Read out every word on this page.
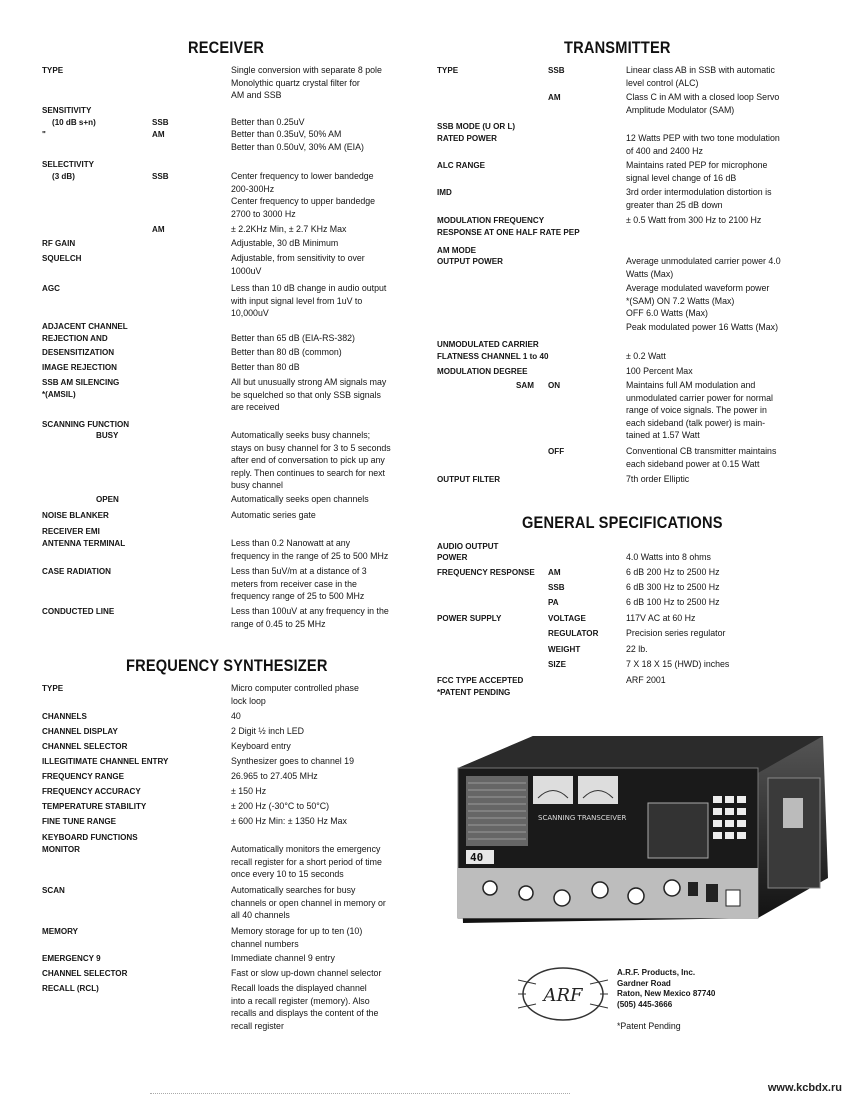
RECEIVER	TRANSMITTER
GENERAL SPECIFICATIONS
FREQUENCY SYNTHESIZER
TYPE	Single conversion with separate 8 pole
Monolythic quartz crystal filter for
AM and SSB
SENSITIVITY
(10 dB s+n)	SSB	Better than 0.25uV
"	AM	Better than 0.35uV, 50% AM
Better than 0.50uV, 30% AM (EIA)
SELECTIVITY
(3 dB)	SSB	Center frequency to lower bandedge
200-300Hz
Center frequency to upper bandedge
2700 to 3000 Hz
AM	± 2.2KHz Min, ± 2.7 KHz Max
RF GAIN	Adjustable, 30 dB Minimum
SQUELCH	Adjustable, from sensitivity to over
1000uV
AGC	Less than 10 dB change in audio output
with input signal level from 1uV to
10,000uV
ADJACENT CHANNEL
REJECTION AND	Better than 65 dB (EIA-RS-382)
DESENSITIZATION	Better than 80 dB (common)
IMAGE REJECTION	Better than 80 dB
SSB AM SILENCING	All but unusually strong AM signals may
be squelched so that only SSB signals
are received
*(AMSIL)
SCANNING FUNCTION
BUSY	Automatically seeks busy channels;
stays on busy channel for 3 to 5 seconds
after end of conversation to pick up any
reply. Then continues to search for next
busy channel
OPEN	Automatically seeks open channels
NOISE BLANKER	Automatic series gate
RECEIVER EMI
ANTENNA TERMINAL	Less than 0.2 Nanowatt at any
frequency in the range of 25 to 500 MHz
CASE RADIATION	Less than 5uV/m at a distance of 3
meters from receiver case in the
frequency range of 25 to 500 MHz
CONDUCTED LINE	Less than 100uV at any frequency in the
range of 0.45 to 25 MHz
TYPE	Micro computer controlled phase
lock loop
CHANNELS	40
CHANNEL DISPLAY	2 Digit ½ inch LED
CHANNEL SELECTOR	Keyboard entry
ILLEGITIMATE CHANNEL ENTRY	Synthesizer goes to channel 19
FREQUENCY RANGE	26.965 to 27.405 MHz
FREQUENCY ACCURACY	± 150 Hz
TEMPERATURE STABILITY	± 200 Hz (-30°C to 50°C)
FINE TUNE RANGE	± 600 Hz Min: ± 1350 Hz Max
KEYBOARD FUNCTIONS
MONITOR	Automatically monitors the emergency
recall register for a short period of time
once every 10 to 15 seconds
SCAN	Automatically searches for busy
channels or open channel in memory or
all 40 channels
MEMORY	Memory storage for up to ten (10)
channel numbers
EMERGENCY 9	Immediate channel 9 entry
CHANNEL SELECTOR	Fast or slow up-down channel selector
RECALL (RCL)	Recall loads the displayed channel
into a recall register (memory). Also
recalls and displays the content of the
recall register
TYPE	SSB	Linear class AB in SSB with automatic
level control (ALC)
AM	Class C in AM with a closed loop Servo
Amplitude Modulator (SAM)
SSB MODE (U OR L)
RATED POWER	12 Watts PEP with two tone modulation
of 400 and 2400 Hz
ALC RANGE	Maintains rated PEP for microphone
signal level change of 16 dB
IMD	3rd order intermodulation distortion is
greater than 25 dB down
MODULATION FREQUENCY	± 0.5 Watt from 300 Hz to 2100 Hz
RESPONSE AT ONE HALF RATE PEP
AM MODE
OUTPUT POWER	Average unmodulated carrier power 4.0
Watts (Max)
Average modulated waveform power
*(SAM) ON 7.2 Watts (Max)
OFF 6.0 Watts (Max)
Peak modulated power 16 Watts (Max)
UNMODULATED CARRIER
FLATNESS CHANNEL 1 to 40	± 0.2 Watt
MODULATION DEGREE	100 Percent Max
SAM ON	Maintains full AM modulation and
unmodulated carrier power for normal
range of voice signals. The power in
each sideband (talk power) is main-
tained at 1.57 Watt
OFF	Conventional CB transmitter maintains
each sideband power at 0.15 Watt
OUTPUT FILTER	7th order Elliptic
AUDIO OUTPUT
POWER	4.0 Watts into 8 ohms
FREQUENCY RESPONSE AM	6 dB 200 Hz to 2500 Hz
SSB	6 dB 300 Hz to 2500 Hz
PA	6 dB 100 Hz to 2500 Hz
POWER SUPPLY	VOLTAGE	117V AC at 60 Hz
REGULATOR	Precision series regulator
WEIGHT	22 lb.
SIZE	7 X 18 X 15 (HWD) inches
FCC TYPE ACCEPTED	ARF 2001
*PATENT PENDING
SCANNING TRANSCEIVER
40
ARF
A.R.F. Products, Inc.
Gardner Road
Raton, New Mexico 87740
(505) 445-3666
*Patent Pending
www.kcbdx.ru
